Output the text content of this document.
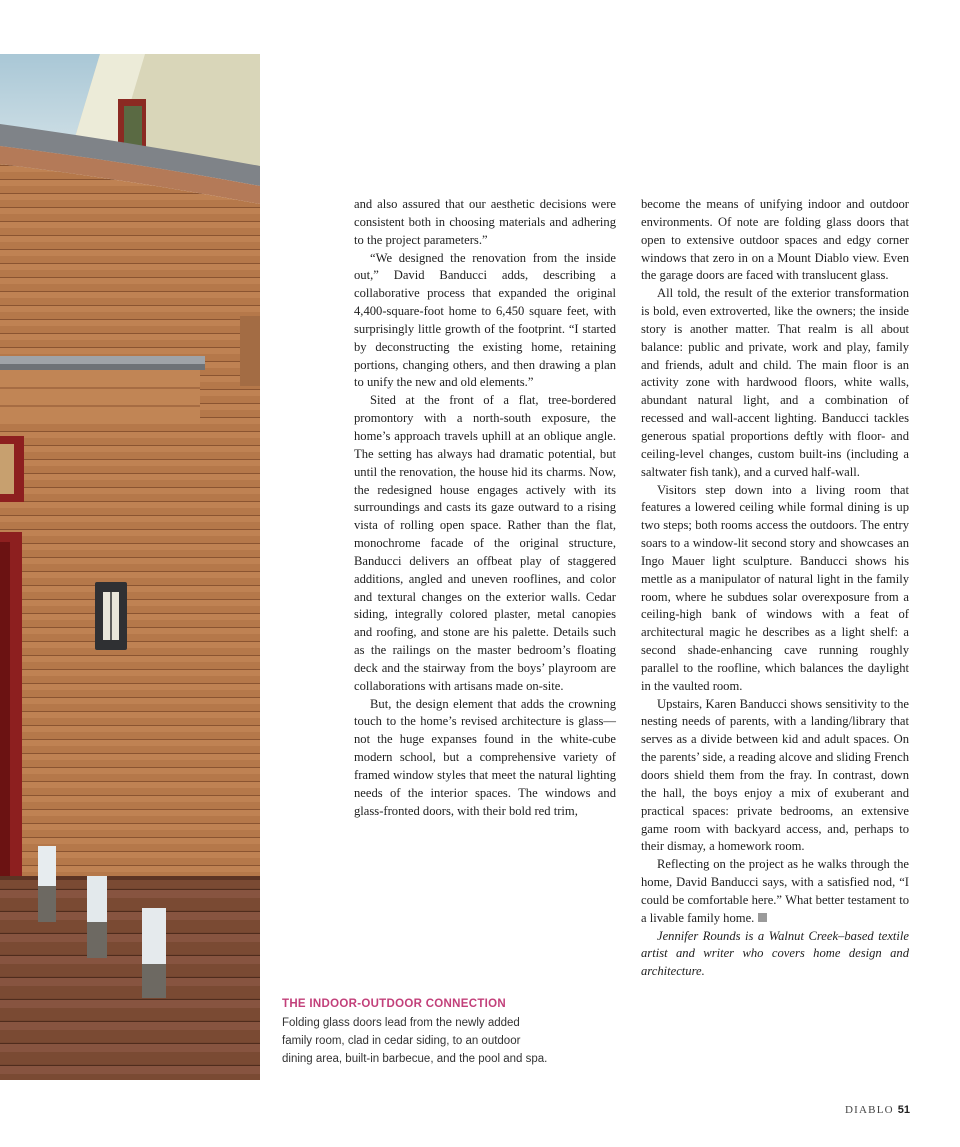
and also assured that our aesthetic decisions were consistent both in choosing materials and adhering to the project parameters.”

“We designed the renovation from the inside out,” David Banducci adds, describing a collaborative process that expanded the original 4,400-square-foot home to 6,450 square feet, with surprisingly little growth of the footprint. “I started by deconstructing the existing home, retaining portions, changing others, and then drawing a plan to unify the new and old elements.”

Sited at the front of a flat, tree-bordered promontory with a north-south exposure, the home’s approach travels uphill at an oblique angle. The setting has always had dramatic potential, but until the renovation, the house hid its charms. Now, the redesigned house engages actively with its surroundings and casts its gaze outward to a rising vista of rolling open space. Rather than the flat, monochrome facade of the original structure, Banducci delivers an offbeat play of staggered additions, angled and uneven rooflines, and color and textural changes on the exterior walls. Cedar siding, integrally colored plaster, metal canopies and roofing, and stone are his palette. Details such as the railings on the master bedroom’s floating deck and the stairway from the boys’ playroom are collaborations with artisans made on-site.

But, the design element that adds the crowning touch to the home’s revised architecture is glass—not the huge expanses found in the white-cube modern school, but a comprehensive variety of framed window styles that meet the natural lighting needs of the interior spaces. The windows and glass-fronted doors, with their bold red trim,

become the means of unifying indoor and outdoor environments. Of note are folding glass doors that open to extensive outdoor spaces and edgy corner windows that zero in on a Mount Diablo view. Even the garage doors are faced with translucent glass.

All told, the result of the exterior transformation is bold, even extroverted, like the owners; the inside story is another matter. That realm is all about balance: public and private, work and play, family and friends, adult and child. The main floor is an activity zone with hardwood floors, white walls, abundant natural light, and a combination of recessed and wall-accent lighting. Banducci tackles generous spatial proportions deftly with floor- and ceiling-level changes, custom built-ins (including a saltwater fish tank), and a curved half-wall.

Visitors step down into a living room that features a lowered ceiling while formal dining is up two steps; both rooms access the outdoors. The entry soars to a window-lit second story and showcases an Ingo Mauer light sculpture. Banducci shows his mettle as a manipulator of natural light in the family room, where he subdues solar overexposure from a ceiling-high bank of windows with a feat of architectural magic he describes as a light shelf: a second shade-enhancing cave running roughly parallel to the roofline, which balances the daylight in the vaulted room.

Upstairs, Karen Banducci shows sensitivity to the nesting needs of parents, with a landing/library that serves as a divide between kid and adult spaces. On the parents’ side, a reading alcove and sliding French doors shield them from the fray. In contrast, down the hall, the boys enjoy a mix of exuberant and practical spaces: private bedrooms, an extensive game room with backyard access, and, perhaps to their dismay, a homework room.

Reflecting on the project as he walks through the home, David Banducci says, with a satisfied nod, “I could be comfortable here.” What better testament to a livable family home.

Jennifer Rounds is a Walnut Creek–based textile artist and writer who covers home design and architecture.

THE INDOOR-OUTDOOR CONNECTION
Folding glass doors lead from the newly added family room, clad in cedar siding, to an outdoor dining area, built-in barbecue, and the pool and spa.
DIABLO 51
